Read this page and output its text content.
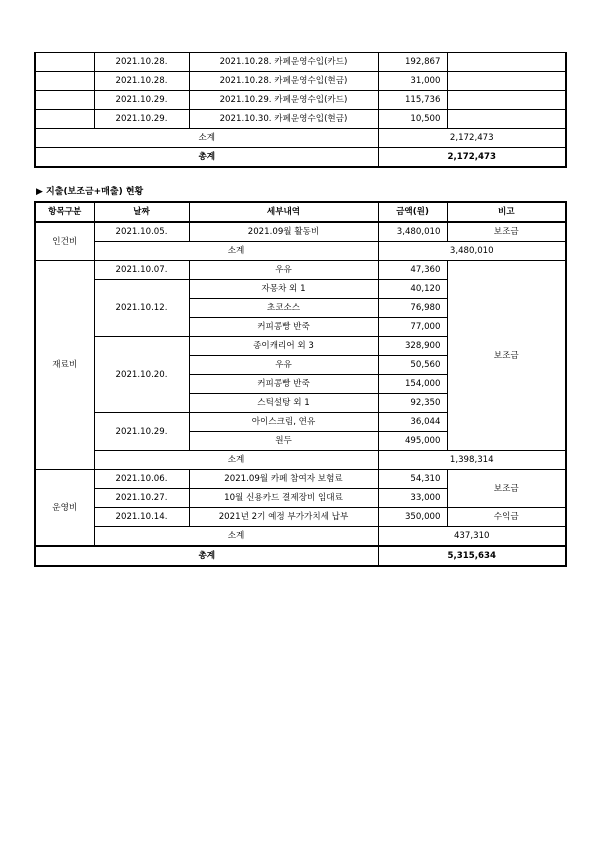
	2021.10.28.	2021.10.28. 카페운영수입(카드)	192,867	
	2021.10.28.	2021.10.28. 카페운영수입(현금)	31,000	
	2021.10.29.	2021.10.29. 카페운영수입(카드)	115,736	
	2021.10.29.	2021.10.30. 카페운영수입(현금)	10,500	
소계			2,172,473	
총계			2,172,473	
▶ 지출(보조금+매출) 현황
항목구분	날짜	세부내역	금액(원)	비고
인건비	2021.10.05.	2021.09월 활동비	3,480,010	보조금
	소계		3,480,010	
재료비	2021.10.07.	우유	47,360	보조금
	2021.10.12.	자몽차 외 1	40,120	
		초코소스	76,980	
		커피콩빵 반죽	77,000	
	2021.10.20.	종이캐리어 외 3	328,900	
		우유	50,560	
		커피콩빵 반죽	154,000	
		스틱설탕 외 1	92,350	
	2021.10.29.	아이스크림, 연유	36,044	
		원두	495,000	
	소계		1,398,314	
운영비	2021.10.06.	2021.09월 카페 참여자 보험료	54,310	보조금
	2021.10.27.	10월 신용카드 결제장비 임대료	33,000	
	2021.10.14.	2021년 2기 예정 부가가치세 납부	350,000	수익금
	소계		437,310	
총계			5,315,634	
